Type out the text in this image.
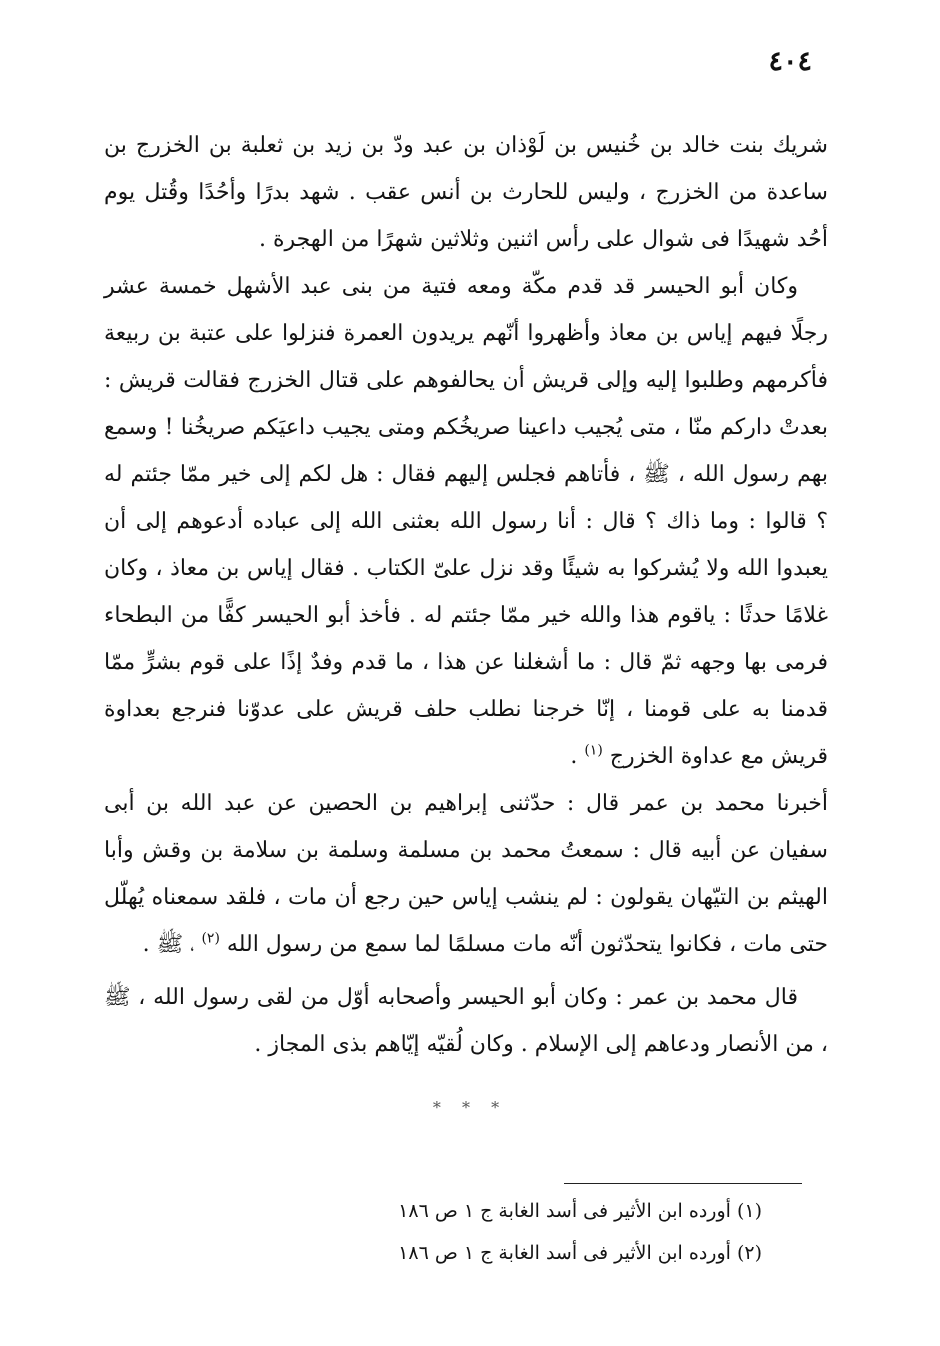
٤٠٤

شريك بنت خالد بن خُنيس بن لَوْذان بن عبد ودّ بن زيد بن ثعلبة بن الخزرج بن ساعدة من الخزرج ، وليس للحارث بن أنس عقب . شهد بدرًا وأحُدًا وقُتل يوم أحُد شهيدًا فى شوال على رأس اثنين وثلاثين شهرًا من الهجرة .

وكان أبو الحيسر قد قدم مكّة ومعه فتية من بنى عبد الأشهل خمسة عشر رجلًا فيهم إياس بن معاذ وأظهروا أنّهم يريدون العمرة فنزلوا على عتبة بن ربيعة فأكرمهم وطلبوا إليه وإلى قريش أن يحالفوهم على قتال الخزرج فقالت قريش : بعدتْ داركم منّا ، متى يُجيب داعينا صريخُكم ومتى يجيب داعيَكم صريخُنا ! وسمع بهم رسول الله ، ﷺ ، فأتاهم فجلس إليهم فقال : هل لكم إلى خير ممّا جئتم له ؟ قالوا : وما ذاك ؟ قال : أنا رسول الله بعثنى الله إلى عباده أدعوهم إلى أن يعبدوا الله ولا يُشركوا به شيئًا وقد نزل علىّ الكتاب . فقال إياس بن معاذ ، وكان غلامًا حدثًا : ياقوم هذا والله خير ممّا جئتم له . فأخذ أبو الحيسر كفًّا من البطحاء فرمى بها وجهه ثمّ قال : ما أشغلنا عن هذا ، ما قدم وفدٌ إذًا على قوم بشرٍّ ممّا قدمنا به على قومنا ، إنّا خرجنا نطلب حلف قريش على عدوّنا فنرجع بعداوة قريش مع عداوة الخزرج $^{(١)}$ .

أخبرنا محمد بن عمر قال : حدّثنى إبراهيم بن الحصين عن عبد الله بن أبى سفيان عن أبيه قال : سمعتُ محمد بن مسلمة وسلمة بن سلامة بن وقش وأبا الهيثم بن التيّهان يقولون : لم ينشب إياس حين رجع أن مات ، فلقد سمعناه يُهلّل حتى مات ، فكانوا يتحدّثون أنّه مات مسلمًا لما سمع من رسول الله $^{(٢)}$ ، ﷺ .

قال محمد بن عمر : وكان أبو الحيسر وأصحابه أوّل من لقى رسول الله ، ﷺ ، من الأنصار ودعاهم إلى الإسلام . وكان لُقيّه إيّاهم بذى المجاز .

* * *

(١) أورده ابن الأثير فى أسد الغابة ج ١ ص ١٨٦

(٢) أورده ابن الأثير فى أسد الغابة ج ١ ص ١٨٦
